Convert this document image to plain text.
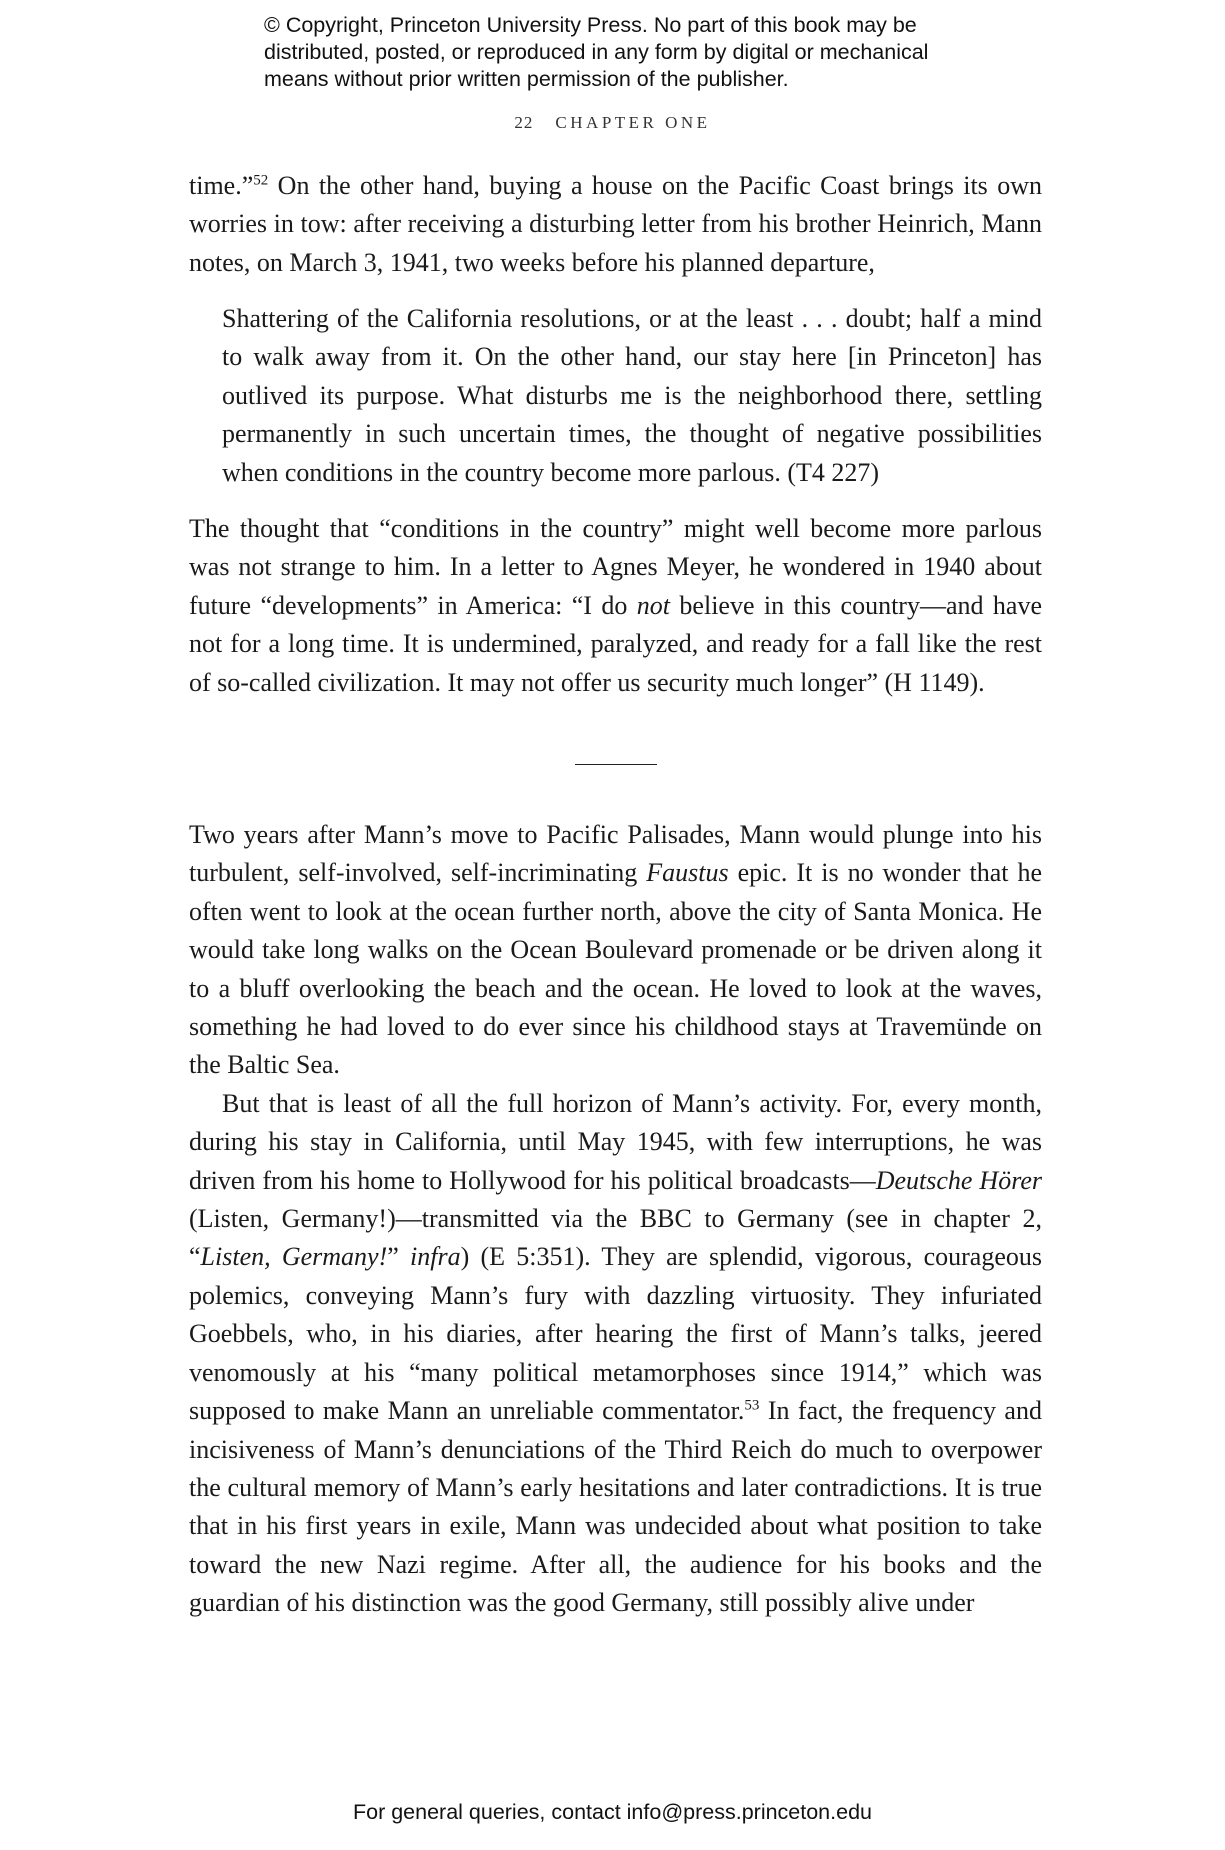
© Copyright, Princeton University Press. No part of this book may be
distributed, posted, or reproduced in any form by digital or mechanical
means without prior written permission of the publisher.
22 CHAPTER ONE

time.”$^{52}$ On the other hand, buying a house on the Pacific Coast brings its own worries in tow: after receiving a disturbing letter from his brother Heinrich, Mann notes, on March 3, 1941, two weeks before his planned departure,

Shattering of the California resolutions, or at the least . . . doubt; half a mind to walk away from it. On the other hand, our stay here [in Princeton] has outlived its purpose. What disturbs me is the neighborhood there, settling permanently in such uncertain times, the thought of negative possibilities when conditions in the country become more parlous. (T4 227)

The thought that “conditions in the country” might well become more parlous was not strange to him. In a letter to Agnes Meyer, he wondered in 1940 about future “developments” in America: “I do not believe in this country—and have not for a long time. It is undermined, paralyzed, and ready for a fall like the rest of so-called civilization. It may not offer us security much longer” (H 1149).

Two years after Mann’s move to Pacific Palisades, Mann would plunge into his turbulent, self-involved, self-incriminating Faustus epic. It is no wonder that he often went to look at the ocean further north, above the city of Santa Monica. He would take long walks on the Ocean Boulevard promenade or be driven along it to a bluff overlooking the beach and the ocean. He loved to look at the waves, something he had loved to do ever since his childhood stays at Travemünde on the Baltic Sea.

But that is least of all the full horizon of Mann’s activity. For, every month, during his stay in California, until May 1945, with few interruptions, he was driven from his home to Hollywood for his political broadcasts—Deutsche Hörer (Listen, Germany!)—transmitted via the BBC to Germany (see in chapter 2, “Listen, Germany!” infra) (E 5:351). They are splendid, vigorous, courageous polemics, conveying Mann’s fury with dazzling virtuosity. They infuriated Goebbels, who, in his diaries, after hearing the first of Mann’s talks, jeered venomously at his “many political metamorphoses since 1914,” which was supposed to make Mann an unreliable commentator.$^{53}$ In fact, the frequency and incisiveness of Mann’s denunciations of the Third Reich do much to overpower the cultural memory of Mann’s early hesitations and later contradictions. It is true that in his first years in exile, Mann was undecided about what position to take toward the new Nazi regime. After all, the audience for his books and the guardian of his distinction was the good Germany, still possibly alive under

For general queries, contact info@press.princeton.edu
